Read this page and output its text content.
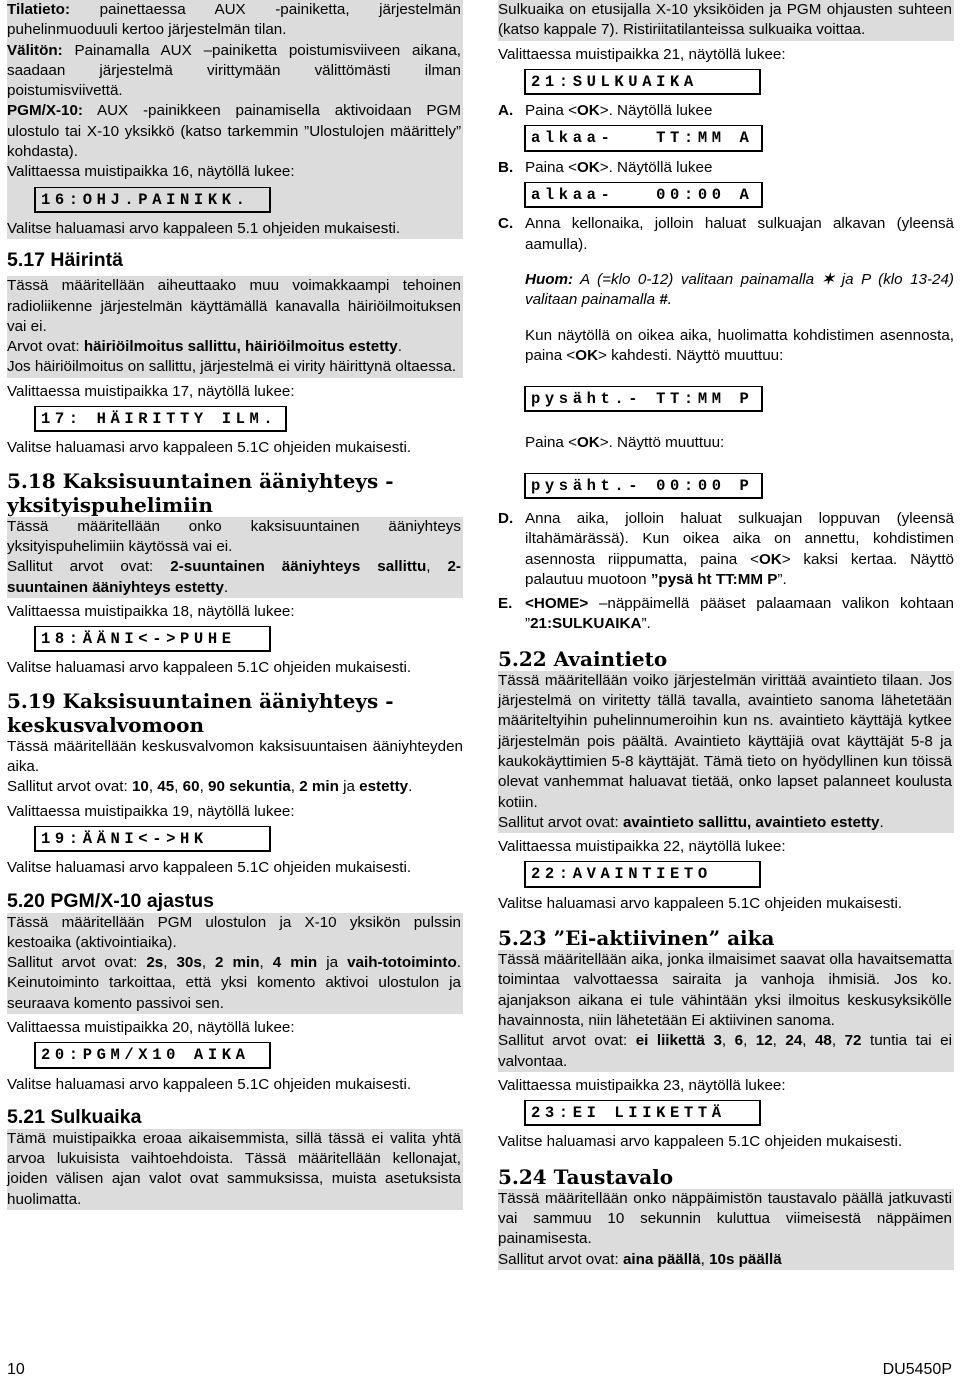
Tilatieto: painettaessa AUX -painiketta, järjestelmän puhelinmuoduuli kertoo järjestelmän tilan.

Välitön: Painamalla AUX –painiketta poistumisviiveen aikana, saadaan järjestelmä virittymään välittömästi ilman poistumisviivettä.

PGM/X-10: AUX -painikkeen painamisella aktivoidaan PGM ulostulo tai X-10 yksikkö (katso tarkemmin ”Ulostulojen määrittely” kohdasta).

Valittaessa muistipaikka 16, näytöllä lukee:

16:OHJ.PAINIKK.

Valitse haluamasi arvo kappaleen 5.1 ohjeiden mukaisesti.

5.17 Häirintä

Tässä määritellään aiheuttaako muu voimakkaampi tehoinen radioliikenne järjestelmän käyttämällä kanavalla häiriöilmoituksen vai ei.

Arvot ovat: häiriöilmoitus sallittu, häiriöilmoitus estetty.

Jos häiriöilmoitus on sallittu, järjestelmä ei virity häirittynä oltaessa.

Valittaessa muistipaikka 17, näytöllä lukee:

17: HÄIRITTY ILM.

Valitse haluamasi arvo kappaleen 5.1C ohjeiden mukaisesti.

5.18 Kaksisuuntainen ääniyhteys -yksityispuhelimiin

Tässä määritellään onko kaksisuuntainen ääniyhteys yksityispuhelimiin käytössä vai ei.

Sallitut arvot ovat: 2-suuntainen ääniyhteys sallittu, 2-suuntainen ääniyhteys estetty.

Valittaessa muistipaikka 18, näytöllä lukee:

18:ÄÄNI<->PUHE

Valitse haluamasi arvo kappaleen 5.1C ohjeiden mukaisesti.

5.19 Kaksisuuntainen ääniyhteys - keskusvalvomoon

Tässä määritellään keskusvalvomon kaksisuuntaisen ääniyhteyden aika.

Sallitut arvot ovat: 10, 45, 60, 90 sekuntia, 2 min ja estetty.

Valittaessa muistipaikka 19, näytöllä lukee:

19:ÄÄNI<->HK

Valitse haluamasi arvo kappaleen 5.1C ohjeiden mukaisesti.

5.20 PGM/X-10 ajastus

Tässä määritellään PGM ulostulon ja X-10 yksikön pulssin kestoaika (aktivointiaika).

Sallitut arvot ovat: 2s, 30s, 2 min, 4 min ja vaih-totoiminto. Keinutoiminto tarkoittaa, että yksi komento aktivoi ulostulon ja seuraava komento passivoi sen.

Valittaessa muistipaikka 20, näytöllä lukee:

20:PGM/X10 AIKA

Valitse haluamasi arvo kappaleen 5.1C ohjeiden mukaisesti.

5.21 Sulkuaika

Tämä muistipaikka eroaa aikaisemmista, sillä tässä ei valita yhtä arvoa lukuisista vaihtoehdoista. Tässä määritellään kellonajat, joiden välisen ajan valot ovat sammuksissa, muista asetuksista huolimatta.

Sulkuaika on etusijalla X-10 yksiköiden ja PGM ohjausten suhteen (katso kappale 7). Ristiriitatilanteissa sulkuaika voittaa.

Valittaessa muistipaikka 21, näytöllä lukee:

21:SULKUAIKA
A. Paina <OK>. Näytöllä lukee
alkaa-   TT:MM A
B. Paina <OK>. Näytöllä lukee
alkaa-   00:00 A
C. Anna kellonaika, jolloin haluat sulkuajan alkavan (yleensä aamulla).

Huom: A (=klo 0-12) valitaan painamalla ✶ ja P (klo 13-24) valitaan painamalla #.

Kun näytöllä on oikea aika, huolimatta kohdistimen asennosta, paina <OK> kahdesti. Näyttö muuttuu:

pysäht.- TT:MM P

Paina <OK>. Näyttö muuttuu:

pysäht.- 00:00 P
D. Anna aika, jolloin haluat sulkuajan loppuvan (yleensä iltahämärässä). Kun oikea aika on annettu, kohdistimen asennosta riippumatta, paina <OK> kaksi kertaa. Näyttö palautuu muotoon ”pysä ht TT:MM P”.
E. <HOME> –näppäimellä pääset palaamaan valikon kohtaan ”21:SULKUAIKA”.
5.22 Avaintieto

Tässä määritellään voiko järjestelmän virittää avaintieto tilaan. Jos järjestelmä on viritetty tällä tavalla, avaintieto sanoma lähetetään määriteltyihin puhelinnumeroihin kun ns. avaintieto käyttäjä kytkee järjestelmän pois päältä. Avaintieto käyttäjiä ovat käyttäjät 5-8 ja kaukokäyttimien 5-8 käyttäjät. Tämä tieto on hyödyllinen kun töissä olevat vanhemmat haluavat tietää, onko lapset palanneet koulusta kotiin.

Sallitut arvot ovat: avaintieto sallittu, avaintieto estetty.

Valittaessa muistipaikka 22, näytöllä lukee:

22:AVAINTIETO

Valitse haluamasi arvo kappaleen 5.1C ohjeiden mukaisesti.

5.23 ”Ei-aktiivinen” aika

Tässä määritellään aika, jonka ilmaisimet saavat olla havaitsematta toimintaa valvottaessa sairaita ja vanhoja ihmisiä. Jos ko. ajanjakson aikana ei tule vähintään yksi ilmoitus keskusyksikölle havainnosta, niin lähetetään Ei aktiivinen sanoma.

Sallitut arvot ovat: ei liikettä 3, 6, 12, 24, 48, 72 tuntia tai ei valvontaa.

Valittaessa muistipaikka 23, näytöllä lukee:

23:EI LIIKETTÄ

Valitse haluamasi arvo kappaleen 5.1C ohjeiden mukaisesti.

5.24 Taustavalo

Tässä määritellään onko näppäimistön taustavalo päällä jatkuvasti vai sammuu 10 sekunnin kuluttua viimeisestä näppäimen painamisesta.

Sallitut arvot ovat: aina päällä, 10s päällä

10	DU5450P
